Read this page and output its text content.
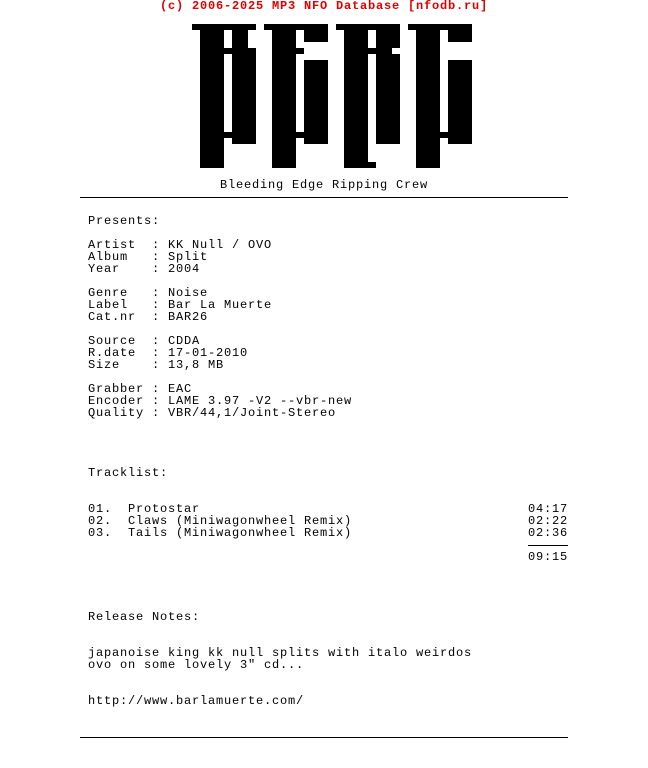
(c) 2006-2025 MP3 NFO Database [nfodb.ru]
Bleeding Edge Ripping Crew
Presents:
Artist : KK Null / OVO
Album : Split
Year	: 2004
Genre : Noise
Label : Bar La Muerte
Cat.nr : BAR26
Source : CDDA
R.date : 17-01-2010
Size	: 13,8 MB
Grabber : EAC
Encoder : LAME 3.97 -V2 --vbr-new
Quality : VBR/44,1/Joint-Stereo
Tracklist:
01. Protostar	04:17
02. Claws (Miniwagonwheel Remix)	02:22
03. Tails (Miniwagonwheel Remix)	02:36
09:15
Release Notes:
japanoise king kk null splits with italo weirdos
ovo on some lovely 3" cd...
http://www.barlamuerte.com/
